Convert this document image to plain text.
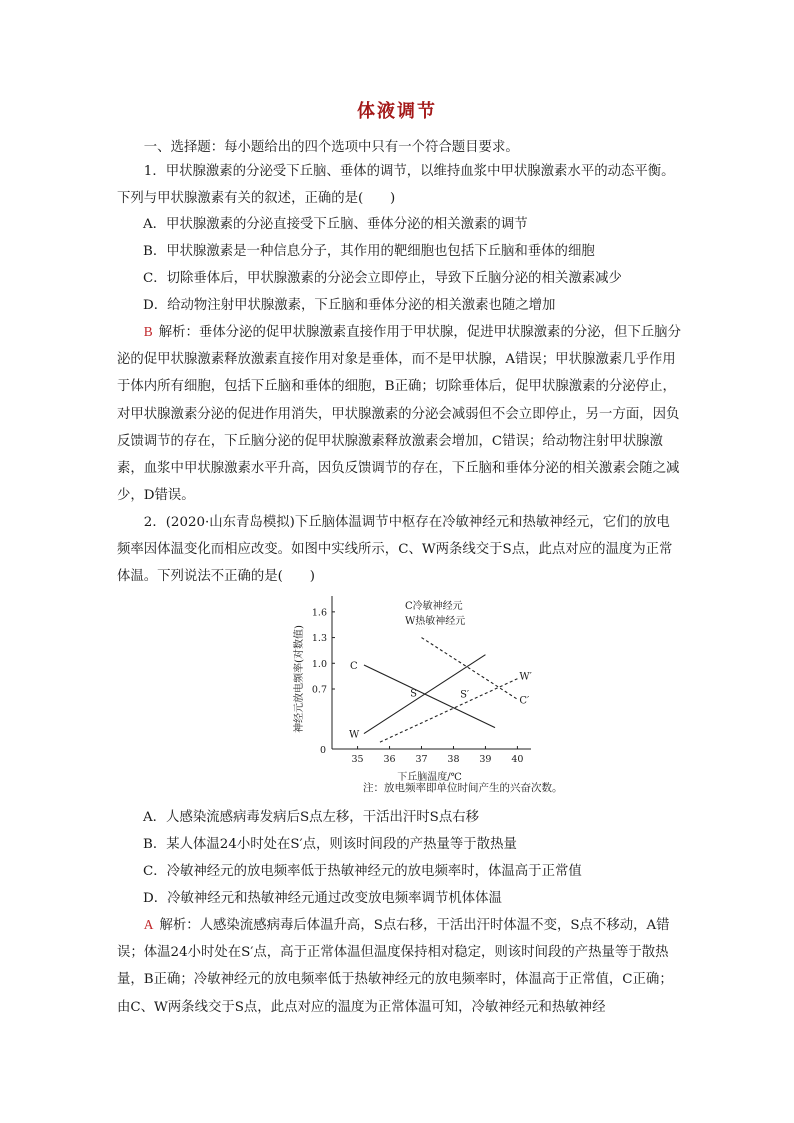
体液调节
一、选择题：每小题给出的四个选项中只有一个符合题目要求。
1．甲状腺激素的分泌受下丘脑、垂体的调节，以维持血浆中甲状腺激素水平的动态平衡。下列与甲状腺激素有关的叙述，正确的是(　　)
A．甲状腺激素的分泌直接受下丘脑、垂体分泌的相关激素的调节
B．甲状腺激素是一种信息分子，其作用的靶细胞也包括下丘脑和垂体的细胞
C．切除垂体后，甲状腺激素的分泌会立即停止，导致下丘脑分泌的相关激素减少
D．给动物注射甲状腺激素，下丘脑和垂体分泌的相关激素也随之增加
B 解析：垂体分泌的促甲状腺激素直接作用于甲状腺，促进甲状腺激素的分泌，但下丘脑分泌的促甲状腺激素释放激素直接作用对象是垂体，而不是甲状腺，A错误；甲状腺激素几乎作用于体内所有细胞，包括下丘脑和垂体的细胞，B正确；切除垂体后，促甲状腺激素的分泌停止，对甲状腺激素分泌的促进作用消失，甲状腺激素的分泌会减弱但不会立即停止，另一方面，因负反馈调节的存在，下丘脑分泌的促甲状腺激素释放激素会增加，C错误；给动物注射甲状腺激素，血浆中甲状腺激素水平升高，因负反馈调节的存在，下丘脑和垂体分泌的相关激素会随之减少，D错误。
2．(2020·山东青岛模拟)下丘脑体温调节中枢存在冷敏神经元和热敏神经元，它们的放电频率因体温变化而相应改变。如图中实线所示，C、W两条线交于S点，此点对应的温度为正常体温。下列说法不正确的是(　　)
0
35 36 37 38 39 40
0.7
1.0
1.3
1.6
下丘脑温度/℃
神经元放电频率(对数值)	C
W
C′
W′
S	S′
C冷敏神经元
W热敏神经元
注：放电频率即单位时间产生的兴奋次数。
A．人感染流感病毒发病后S点左移，干活出汗时S点右移
B．某人体温24小时处在S′点，则该时间段的产热量等于散热量
C．冷敏神经元的放电频率低于热敏神经元的放电频率时，体温高于正常值
D．冷敏神经元和热敏神经元通过改变放电频率调节机体体温
A 解析：人感染流感病毒后体温升高，S点右移，干活出汗时体温不变，S点不移动，A错误；体温24小时处在S′点，高于正常体温但温度保持相对稳定，则该时间段的产热量等于散热量，B正确；冷敏神经元的放电频率低于热敏神经元的放电频率时，体温高于正常值，C正确；由C、W两条线交于S点，此点对应的温度为正常体温可知，冷敏神经元和热敏神经
